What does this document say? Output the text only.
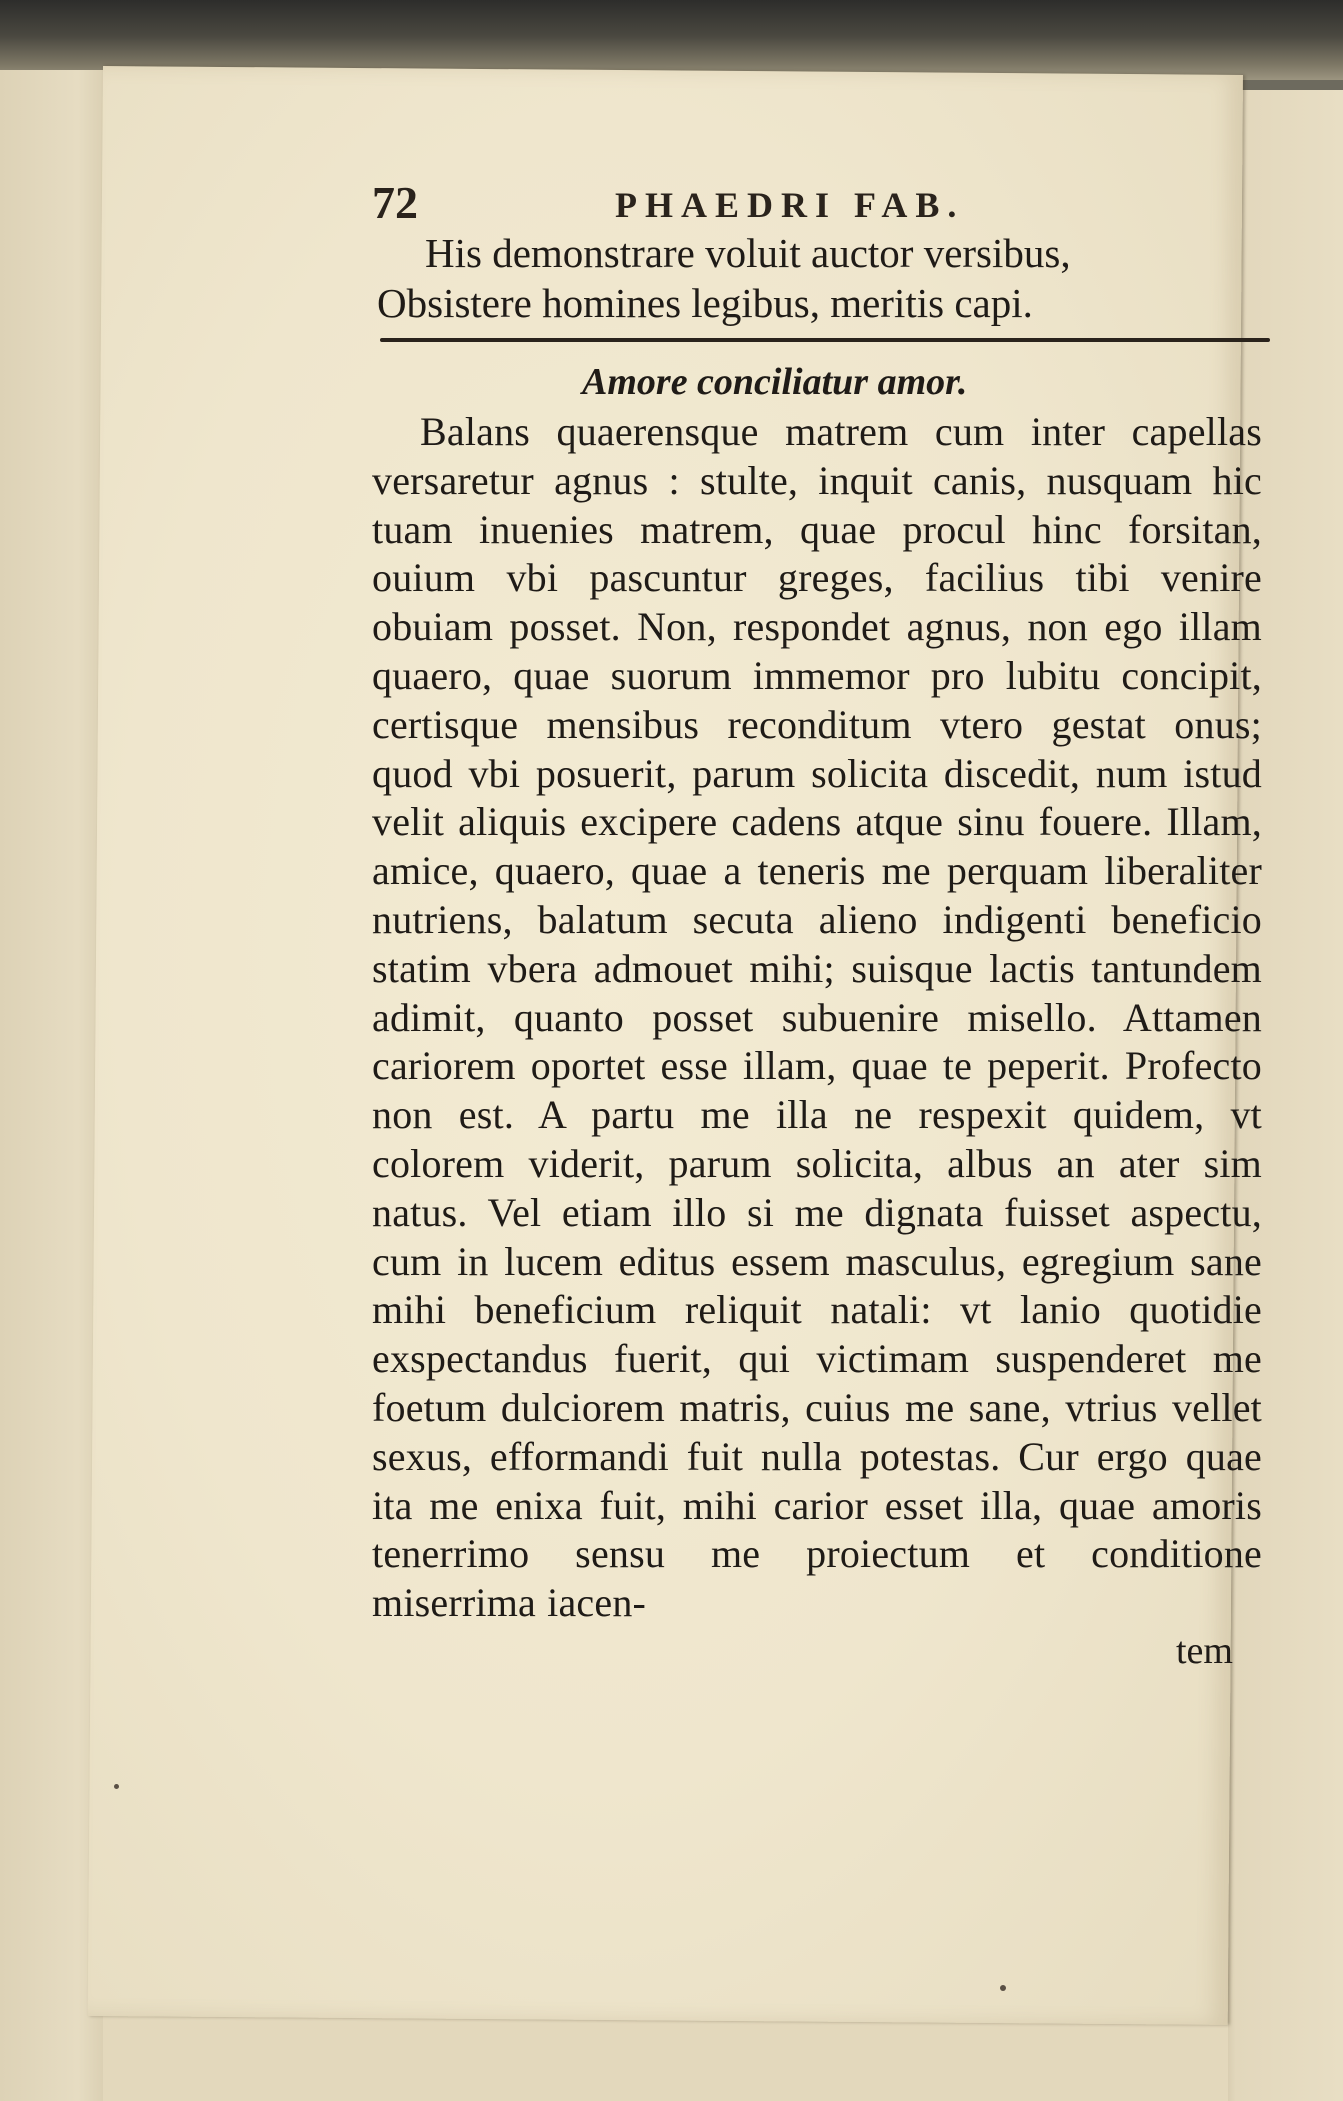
72	PHAEDRI FAB.
His demonstrare voluit auctor versibus,
Obsistere homines legibus, meritis capi.
Amore conciliatur amor.
Balans quaerensque matrem cum inter capellas versaretur agnus : stulte, inquit canis, nusquam hic tuam inuenies matrem, quae procul hinc forsitan, ouium vbi pascuntur greges, facilius tibi venire obuiam posset. Non, respondet agnus, non ego illam quaero, quae suorum immemor pro lubitu concipit, certisque mensibus reconditum vtero gestat onus; quod vbi posuerit, parum solicita discedit, num istud velit aliquis excipere cadens atque sinu fouere. Illam, amice, quaero, quae a teneris me perquam liberaliter nutriens, balatum secuta alieno indigenti beneficio statim vbera admouet mihi; suisque lactis tantundem adimit, quanto posset subuenire misello. Attamen cariorem oportet esse illam, quae te peperit. Profecto non est. A partu me illa ne respexit quidem, vt colorem viderit, parum solicita, albus an ater sim natus. Vel etiam illo si me dignata fuisset aspectu, cum in lucem editus essem masculus, egregium sane mihi beneficium reliquit natali: vt lanio quotidie exspectandus fuerit, qui victimam suspenderet me foetum dulciorem matris, cuius me sane, vtrius vellet sexus, efformandi fuit nulla potestas. Cur ergo quae ita me enixa fuit, mihi carior esset illa, quae amoris tenerrimo sensu me proiectum et conditione miserrima iacen-
tem
